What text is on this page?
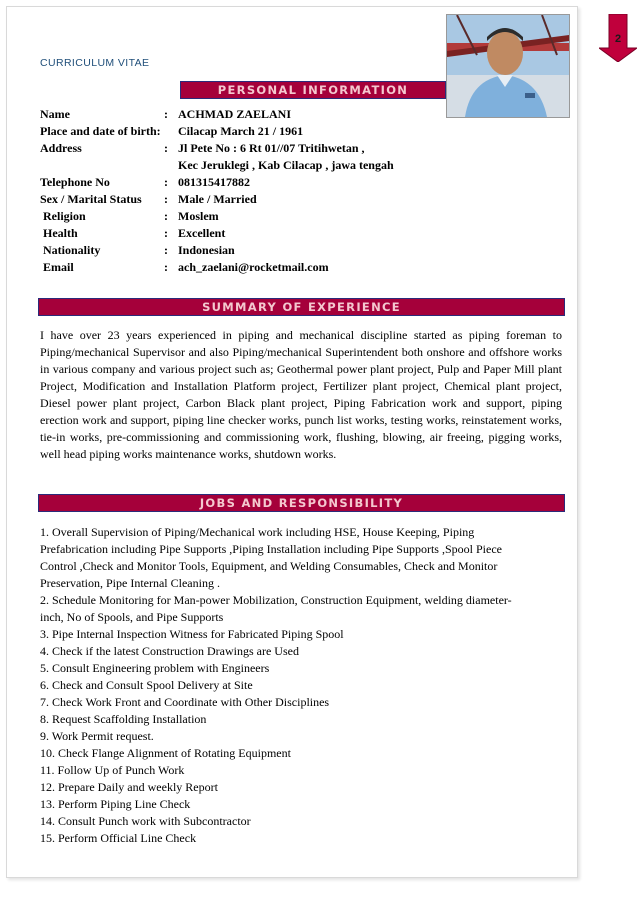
CURRICULUM VITAE
2
PERSONAL INFORMATION
SUMMARY OF EXPERIENCE
JOBS AND RESPONSIBILITY
Name	: ACHMAD ZAELANI
Place and date of birth:	Cilacap March 21 / 1961
Address	: Jl Pete No : 6 Rt 01//07 Tritihwetan ,
Kec Jeruklegi , Kab Cilacap , jawa tengah
Telephone No	: 081315417882
Sex / Marital Status	: Male / Married
Religion	: Moslem
Health	: Excellent
Nationality	: Indonesian
Email	: ach_zaelani@rocketmail.com
I have over 23 years experienced in piping and mechanical discipline started as piping foreman to Piping/mechanical Supervisor and also Piping/mechanical Superintendent both onshore and offshore works in various company and various project such as; Geothermal power plant project, Pulp and Paper Mill plant Project, Modification and Installation Platform project, Fertilizer plant project, Chemical plant project, Diesel power plant project, Carbon Black plant project, Piping Fabrication work and support, piping erection work and support, piping line checker works, punch list works, testing works, reinstatement works, tie-in works, pre-commissioning and commissioning work, flushing, blowing, air freeing, pigging works, well head piping works maintenance works, shutdown works.
1. Overall Supervision of Piping/Mechanical work including HSE, House Keeping, Piping
Prefabrication including Pipe Supports ,Piping Installation including Pipe Supports ,Spool Piece
Control ,Check and Monitor Tools, Equipment, and Welding Consumables, Check and Monitor
Preservation, Pipe Internal Cleaning .
2. Schedule Monitoring for Man-power Mobilization, Construction Equipment, welding diameter-
inch, No of Spools, and Pipe Supports
3. Pipe Internal Inspection Witness for Fabricated Piping Spool
4. Check if the latest Construction Drawings are Used
5. Consult Engineering problem with Engineers
6. Check and Consult Spool Delivery at Site
7. Check Work Front and Coordinate with Other Disciplines
8. Request Scaffolding Installation
9. Work Permit request.
10. Check Flange Alignment of Rotating Equipment
11. Follow Up of Punch Work
12. Prepare Daily and weekly Report
13. Perform Piping Line Check
14. Consult Punch work with Subcontractor
15. Perform Official Line Check
